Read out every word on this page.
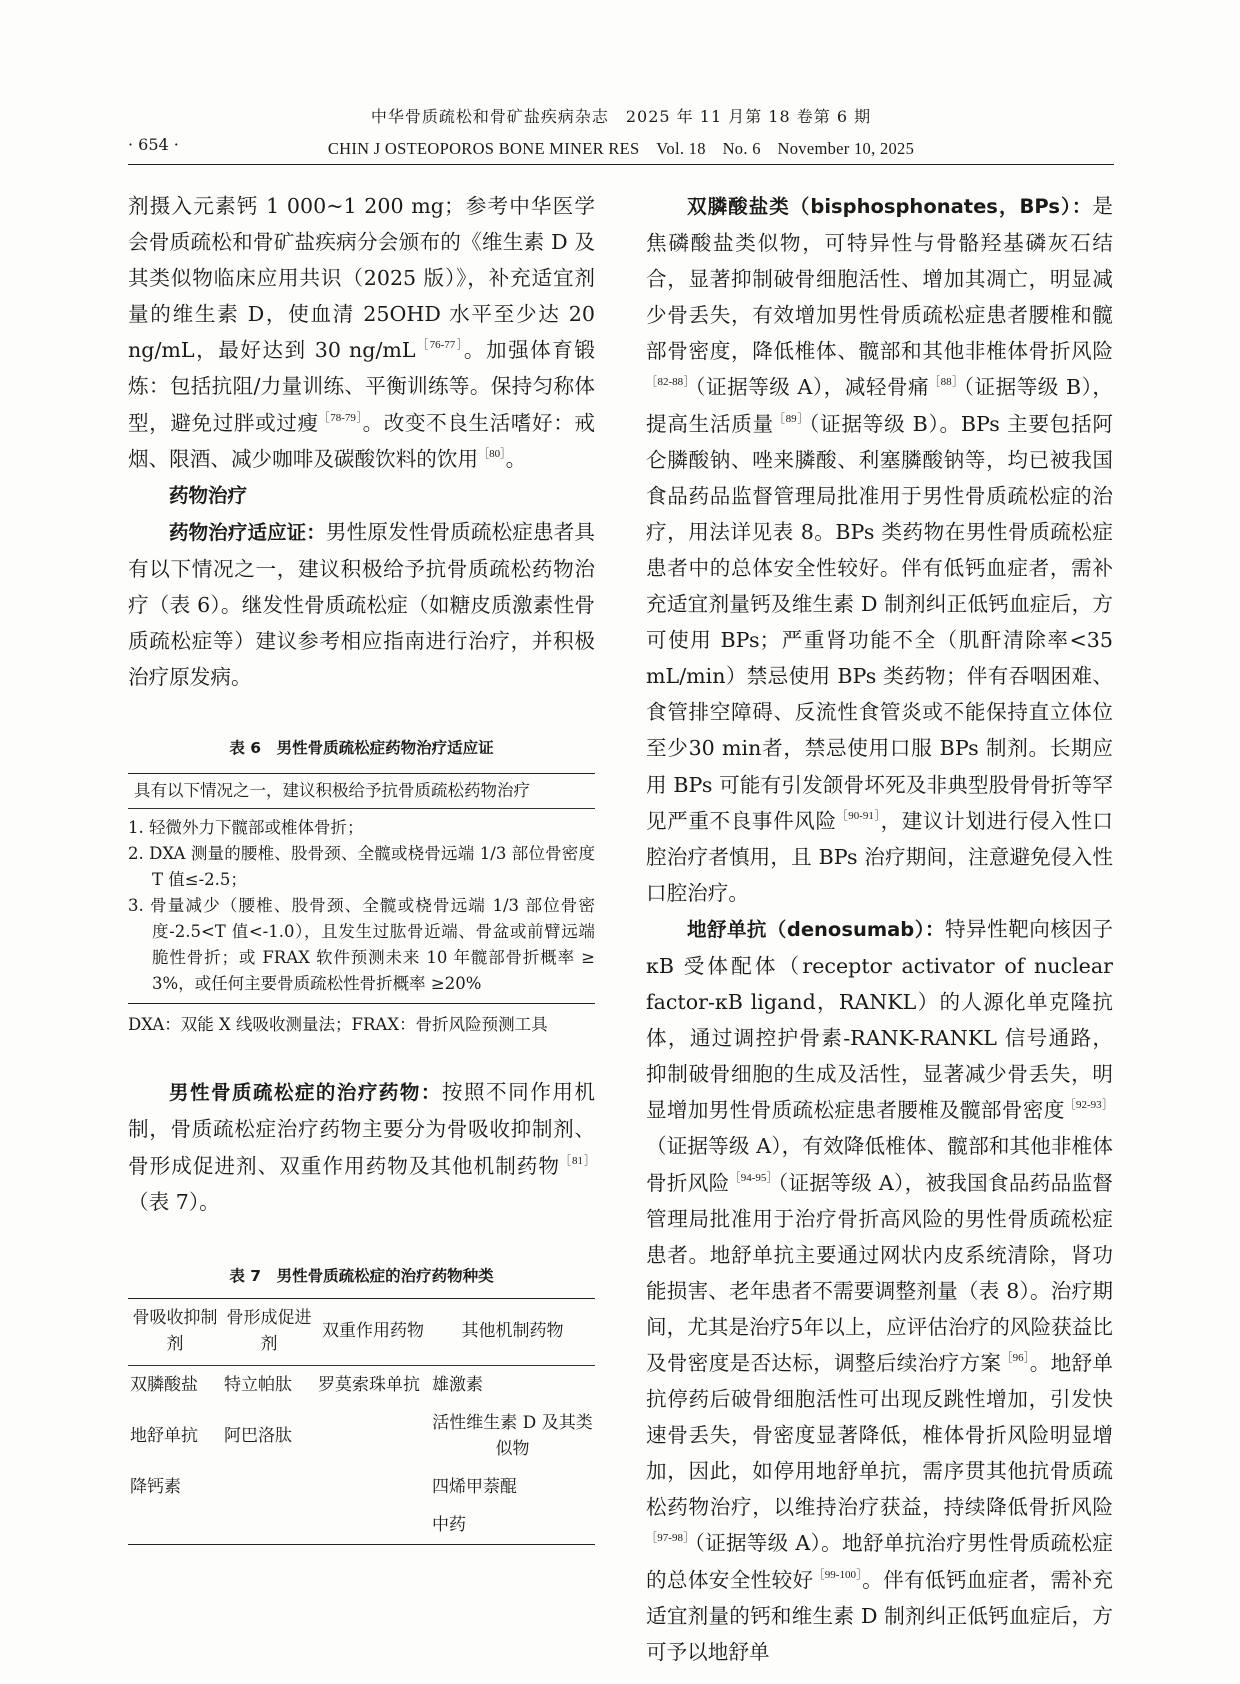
中华骨质疏松和骨矿盐疾病杂志　2025 年 11 月第 18 卷第 6 期
· 654 ·	CHIN J OSTEOPOROS BONE MINER RES　Vol. 18　No. 6　November 10, 2025

剂摄入元素钙 1 000~1 200 mg；参考中华医学会骨质疏松和骨矿盐疾病分会颁布的《维生素 D 及其类似物临床应用共识（2025 版）》，补充适宜剂量的维生素 D，使血清 25OHD 水平至少达 20 ng/mL，最好达到 30 ng/mL$^{[76-77]}$。加强体育锻炼：包括抗阻/力量训练、平衡训练等。保持匀称体型，避免过胖或过瘦$^{[78-79]}$。改变不良生活嗜好：戒烟、限酒、减少咖啡及碳酸饮料的饮用$^{[80]}$。

药物治疗

药物治疗适应证：男性原发性骨质疏松症患者具有以下情况之一，建议积极给予抗骨质疏松药物治疗（表 6）。继发性骨质疏松症（如糖皮质激素性骨质疏松症等）建议参考相应指南进行治疗，并积极治疗原发病。

表 6　男性骨质疏松症药物治疗适应证

具有以下情况之一，建议积极给予抗骨质疏松药物治疗
1. 轻微外力下髋部或椎体骨折；
2. DXA 测量的腰椎、股骨颈、全髋或桡骨远端 1/3 部位骨密度 T 值≤-2.5；
3. 骨量减少（腰椎、股骨颈、全髋或桡骨远端 1/3 部位骨密度-2.5<T 值<-1.0），且发生过肱骨近端、骨盆或前臂远端脆性骨折；或 FRAX 软件预测未来 10 年髋部骨折概率 ≥ 3%，或任何主要骨质疏松性骨折概率 ≥20%
DXA：双能 X 线吸收测量法；FRAX：骨折风险预测工具

男性骨质疏松症的治疗药物：按照不同作用机制，骨质疏松症治疗药物主要分为骨吸收抑制剂、骨形成促进剂、双重作用药物及其他机制药物$^{[81]}$（表 7）。

表 7　男性骨质疏松症的治疗药物种类

骨吸收抑制剂	骨形成促进剂	双重作用药物	其他机制药物
双膦酸盐	特立帕肽	罗莫索珠单抗	雄激素
地舒单抗	阿巴洛肽		活性维生素 D 及其类似物
降钙素			四烯甲萘醌
			中药

双膦酸盐类（bisphosphonates，BPs）：是焦磷酸盐类似物，可特异性与骨骼羟基磷灰石结合，显著抑制破骨细胞活性、增加其凋亡，明显减少骨丢失，有效增加男性骨质疏松症患者腰椎和髋部骨密度，降低椎体、髋部和其他非椎体骨折风险$^{[82-88]}$（证据等级 A），减轻骨痛$^{[88]}$（证据等级 B），提高生活质量$^{[89]}$（证据等级 B）。BPs 主要包括阿仑膦酸钠、唑来膦酸、利塞膦酸钠等，均已被我国食品药品监督管理局批准用于男性骨质疏松症的治疗，用法详见表 8。BPs 类药物在男性骨质疏松症患者中的总体安全性较好。伴有低钙血症者，需补充适宜剂量钙及维生素 D 制剂纠正低钙血症后，方可使用 BPs；严重肾功能不全（肌酐清除率<35 mL/min）禁忌使用 BPs 类药物；伴有吞咽困难、食管排空障碍、反流性食管炎或不能保持直立体位至少30 min者，禁忌使用口服 BPs 制剂。长期应用 BPs 可能有引发颌骨坏死及非典型股骨骨折等罕见严重不良事件风险$^{[90-91]}$，建议计划进行侵入性口腔治疗者慎用，且 BPs 治疗期间，注意避免侵入性口腔治疗。

地舒单抗（denosumab）：特异性靶向核因子κB 受体配体（receptor activator of nuclear factor-κB ligand，RANKL）的人源化单克隆抗体，通过调控护骨素-RANK-RANKL 信号通路，抑制破骨细胞的生成及活性，显著减少骨丢失，明显增加男性骨质疏松症患者腰椎及髋部骨密度$^{[92-93]}$（证据等级 A），有效降低椎体、髋部和其他非椎体骨折风险$^{[94-95]}$（证据等级 A），被我国食品药品监督管理局批准用于治疗骨折高风险的男性骨质疏松症患者。地舒单抗主要通过网状内皮系统清除，肾功能损害、老年患者不需要调整剂量（表 8）。治疗期间，尤其是治疗5年以上，应评估治疗的风险获益比及骨密度是否达标，调整后续治疗方案$^{[96]}$。地舒单抗停药后破骨细胞活性可出现反跳性增加，引发快速骨丢失，骨密度显著降低，椎体骨折风险明显增加，因此，如停用地舒单抗，需序贯其他抗骨质疏松药物治疗，以维持治疗获益，持续降低骨折风险$^{[97-98]}$（证据等级 A）。地舒单抗治疗男性骨质疏松症的总体安全性较好$^{[99-100]}$。伴有低钙血症者，需补充适宜剂量的钙和维生素 D 制剂纠正低钙血症后，方可予以地舒单
